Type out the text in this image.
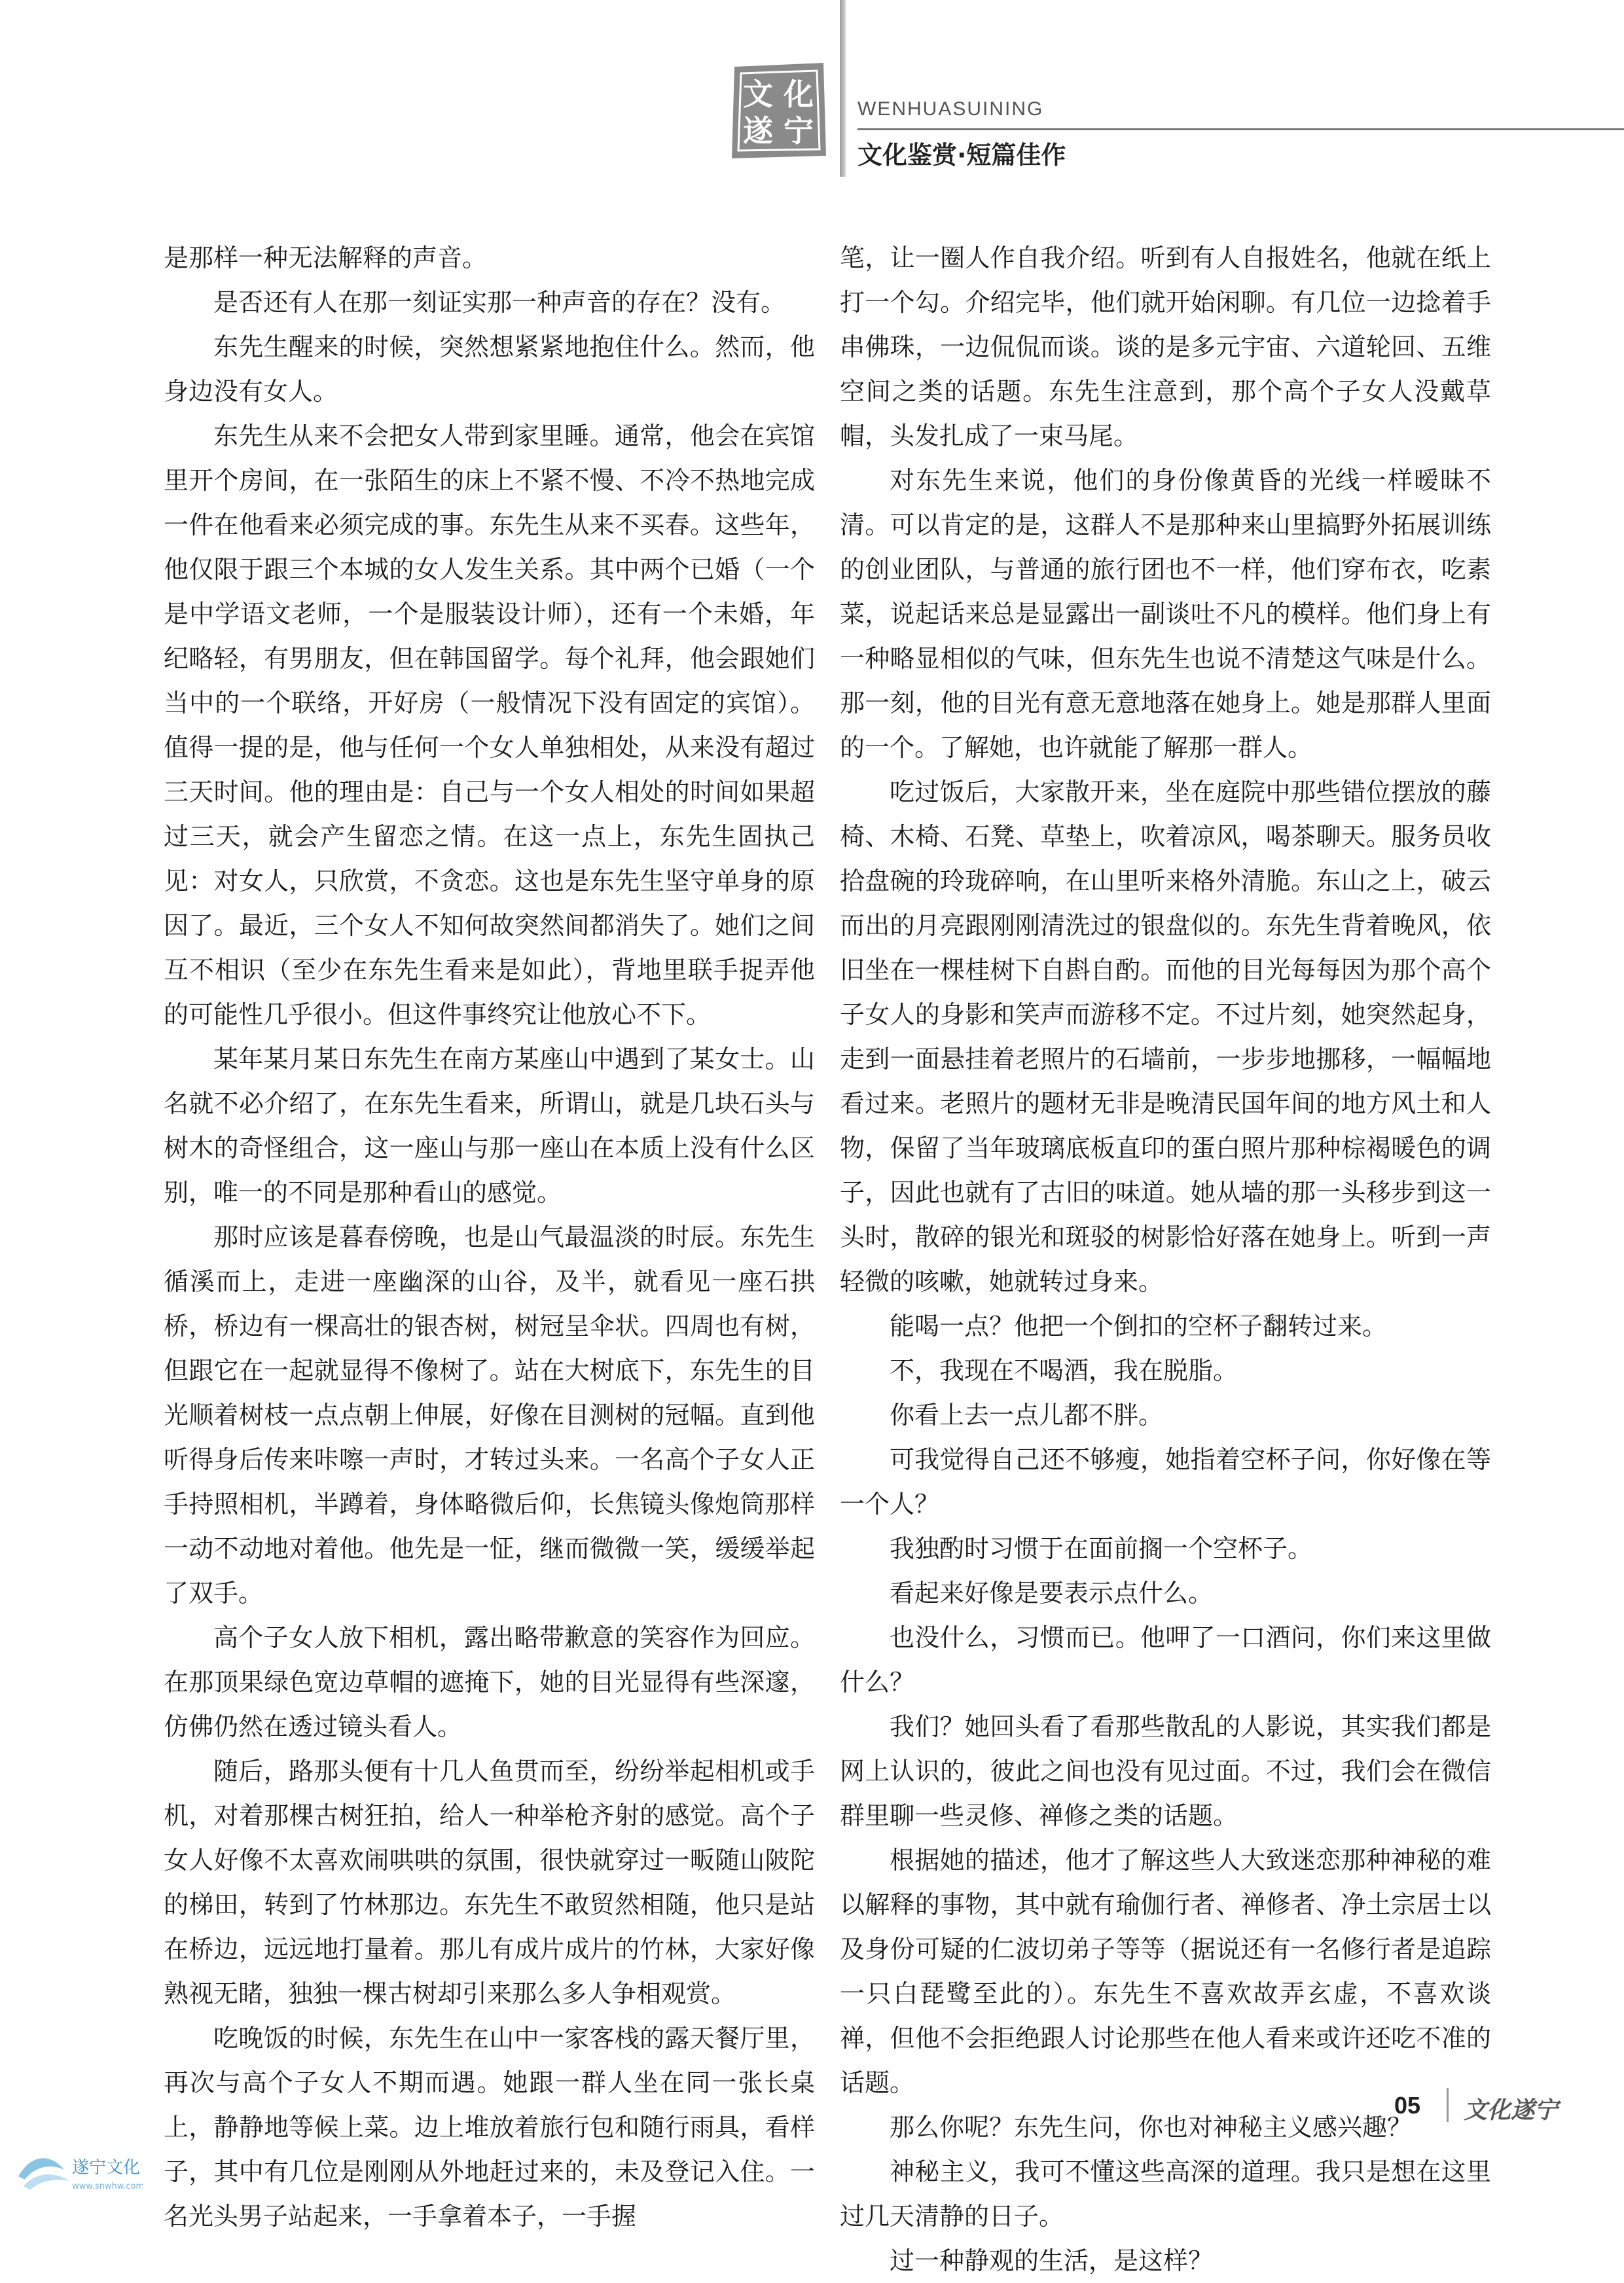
文 化
遂 宁
WENHUASUINING
文化鉴赏·短篇佳作

是那样一种无法解释的声音。

是否还有人在那一刻证实那一种声音的存在？没有。

东先生醒来的时候，突然想紧紧地抱住什么。然而，他身边没有女人。

东先生从来不会把女人带到家里睡。通常，他会在宾馆里开个房间，在一张陌生的床上不紧不慢、不冷不热地完成一件在他看来必须完成的事。东先生从来不买春。这些年，他仅限于跟三个本城的女人发生关系。其中两个已婚（一个是中学语文老师，一个是服装设计师），还有一个未婚，年纪略轻，有男朋友，但在韩国留学。每个礼拜，他会跟她们当中的一个联络，开好房（一般情况下没有固定的宾馆）。值得一提的是，他与任何一个女人单独相处，从来没有超过三天时间。他的理由是：自己与一个女人相处的时间如果超过三天，就会产生留恋之情。在这一点上，东先生固执己见：对女人，只欣赏，不贪恋。这也是东先生坚守单身的原因了。最近，三个女人不知何故突然间都消失了。她们之间互不相识（至少在东先生看来是如此），背地里联手捉弄他的可能性几乎很小。但这件事终究让他放心不下。

某年某月某日东先生在南方某座山中遇到了某女士。山名就不必介绍了，在东先生看来，所谓山，就是几块石头与树木的奇怪组合，这一座山与那一座山在本质上没有什么区别，唯一的不同是那种看山的感觉。

那时应该是暮春傍晚，也是山气最温淡的时辰。东先生循溪而上，走进一座幽深的山谷，及半，就看见一座石拱桥，桥边有一棵高壮的银杏树，树冠呈伞状。四周也有树，但跟它在一起就显得不像树了。站在大树底下，东先生的目光顺着树枝一点点朝上伸展，好像在目测树的冠幅。直到他听得身后传来咔嚓一声时，才转过头来。一名高个子女人正手持照相机，半蹲着，身体略微后仰，长焦镜头像炮筒那样一动不动地对着他。他先是一怔，继而微微一笑，缓缓举起了双手。

高个子女人放下相机，露出略带歉意的笑容作为回应。在那顶果绿色宽边草帽的遮掩下，她的目光显得有些深邃，仿佛仍然在透过镜头看人。

随后，路那头便有十几人鱼贯而至，纷纷举起相机或手机，对着那棵古树狂拍，给人一种举枪齐射的感觉。高个子女人好像不太喜欢闹哄哄的氛围，很快就穿过一畈随山陂陀的梯田，转到了竹林那边。东先生不敢贸然相随，他只是站在桥边，远远地打量着。那儿有成片成片的竹林，大家好像熟视无睹，独独一棵古树却引来那么多人争相观赏。

吃晚饭的时候，东先生在山中一家客栈的露天餐厅里，再次与高个子女人不期而遇。她跟一群人坐在同一张长桌上，静静地等候上菜。边上堆放着旅行包和随行雨具，看样子，其中有几位是刚刚从外地赶过来的，未及登记入住。一名光头男子站起来，一手拿着本子，一手握

笔，让一圈人作自我介绍。听到有人自报姓名，他就在纸上打一个勾。介绍完毕，他们就开始闲聊。有几位一边捻着手串佛珠，一边侃侃而谈。谈的是多元宇宙、六道轮回、五维空间之类的话题。东先生注意到，那个高个子女人没戴草帽，头发扎成了一束马尾。

对东先生来说，他们的身份像黄昏的光线一样暧昧不清。可以肯定的是，这群人不是那种来山里搞野外拓展训练的创业团队，与普通的旅行团也不一样，他们穿布衣，吃素菜，说起话来总是显露出一副谈吐不凡的模样。他们身上有一种略显相似的气味，但东先生也说不清楚这气味是什么。那一刻，他的目光有意无意地落在她身上。她是那群人里面的一个。了解她，也许就能了解那一群人。

吃过饭后，大家散开来，坐在庭院中那些错位摆放的藤椅、木椅、石凳、草垫上，吹着凉风，喝茶聊天。服务员收拾盘碗的玲珑碎响，在山里听来格外清脆。东山之上，破云而出的月亮跟刚刚清洗过的银盘似的。东先生背着晚风，依旧坐在一棵桂树下自斟自酌。而他的目光每每因为那个高个子女人的身影和笑声而游移不定。不过片刻，她突然起身，走到一面悬挂着老照片的石墙前，一步步地挪移，一幅幅地看过来。老照片的题材无非是晚清民国年间的地方风土和人物，保留了当年玻璃底板直印的蛋白照片那种棕褐暖色的调子，因此也就有了古旧的味道。她从墙的那一头移步到这一头时，散碎的银光和斑驳的树影恰好落在她身上。听到一声轻微的咳嗽，她就转过身来。

能喝一点？他把一个倒扣的空杯子翻转过来。

不，我现在不喝酒，我在脱脂。

你看上去一点儿都不胖。

可我觉得自己还不够瘦，她指着空杯子问，你好像在等一个人？

我独酌时习惯于在面前搁一个空杯子。

看起来好像是要表示点什么。

也没什么，习惯而已。他呷了一口酒问，你们来这里做什么？

我们？她回头看了看那些散乱的人影说，其实我们都是网上认识的，彼此之间也没有见过面。不过，我们会在微信群里聊一些灵修、禅修之类的话题。

根据她的描述，他才了解这些人大致迷恋那种神秘的难以解释的事物，其中就有瑜伽行者、禅修者、净土宗居士以及身份可疑的仁波切弟子等等（据说还有一名修行者是追踪一只白琵鹭至此的）。东先生不喜欢故弄玄虚，不喜欢谈禅，但他不会拒绝跟人讨论那些在他人看来或许还吃不准的话题。

那么你呢？东先生问，你也对神秘主义感兴趣？

神秘主义，我可不懂这些高深的道理。我只是想在这里过几天清静的日子。

过一种静观的生活，是这样？

05 文化遂宁
遂宁文化
www.snwhw.com
